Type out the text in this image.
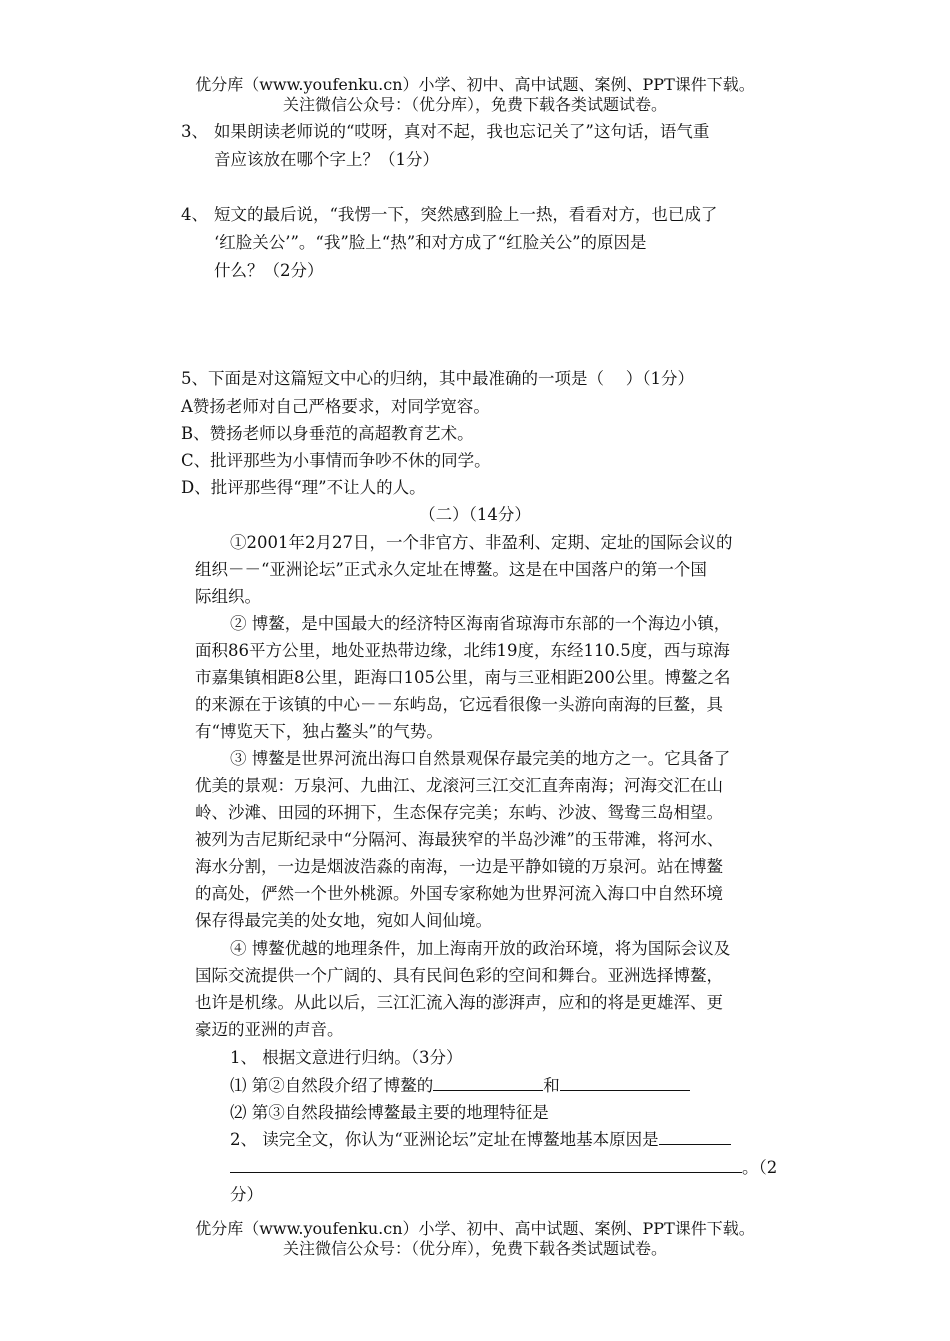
优分库（www.youfenku.cn）小学、初中、高中试题、案例、PPT课件下载。
关注微信公众号：（优分库），免费下载各类试题试卷。
3、 如果朗读老师说的“哎呀，真对不起，我也忘记关了”这句话，语气重
音应该放在哪个字上？（1分）
4、 短文的最后说，“我愣一下，突然感到脸上一热，看看对方，也已成了
‘红脸关公’”。“我”脸上“热”和对方成了“红脸关公”的原因是
什么？（2分）
5、下面是对这篇短文中心的归纳，其中最准确的一项是（　 ）（1分）
A赞扬老师对自己严格要求，对同学宽容。
B、赞扬老师以身垂范的高超教育艺术。
C、批评那些为小事情而争吵不休的同学。
D、批评那些得“理”不让人的人。
（二）（14分）
①2001年2月27日，一个非官方、非盈利、定期、定址的国际会议的
组织－－“亚洲论坛”正式永久定址在博鳌。这是在中国落户的第一个国
际组织。
② 博鳌，是中国最大的经济特区海南省琼海市东部的一个海边小镇，
面积86平方公里，地处亚热带边缘，北纬19度，东经110.5度，西与琼海
市嘉集镇相距8公里，距海口105公里，南与三亚相距200公里。博鳌之名
的来源在于该镇的中心－－东屿岛，它远看很像一头游向南海的巨鳌，具
有“博览天下，独占鳌头”的气势。
③ 博鳌是世界河流出海口自然景观保存最完美的地方之一。它具备了
优美的景观：万泉河、九曲江、龙滚河三江交汇直奔南海；河海交汇在山
岭、沙滩、田园的环拥下，生态保存完美；东屿、沙波、鸳鸯三岛相望。
被列为吉尼斯纪录中“分隔河、海最狭窄的半岛沙滩”的玉带滩，将河水、
海水分割，一边是烟波浩淼的南海，一边是平静如镜的万泉河。站在博鳌
的高处，俨然一个世外桃源。外国专家称她为世界河流入海口中自然环境
保存得最完美的处女地，宛如人间仙境。
④ 博鳌优越的地理条件，加上海南开放的政治环境，将为国际会议及
国际交流提供一个广阔的、具有民间色彩的空间和舞台。亚洲选择博鳌，
也许是机缘。从此以后，三江汇流入海的澎湃声，应和的将是更雄浑、更
豪迈的亚洲的声音。
1、 根据文意进行归纳。（3分）
⑴ 第②自然段介绍了博鳌的	和
⑵ 第③自然段描绘博鳌最主要的地理特征是
2、 读完全文，你认为“亚洲论坛”定址在博鳌地基本原因是
。（2
分）
优分库（www.youfenku.cn）小学、初中、高中试题、案例、PPT课件下载。
关注微信公众号：（优分库），免费下载各类试题试卷。
